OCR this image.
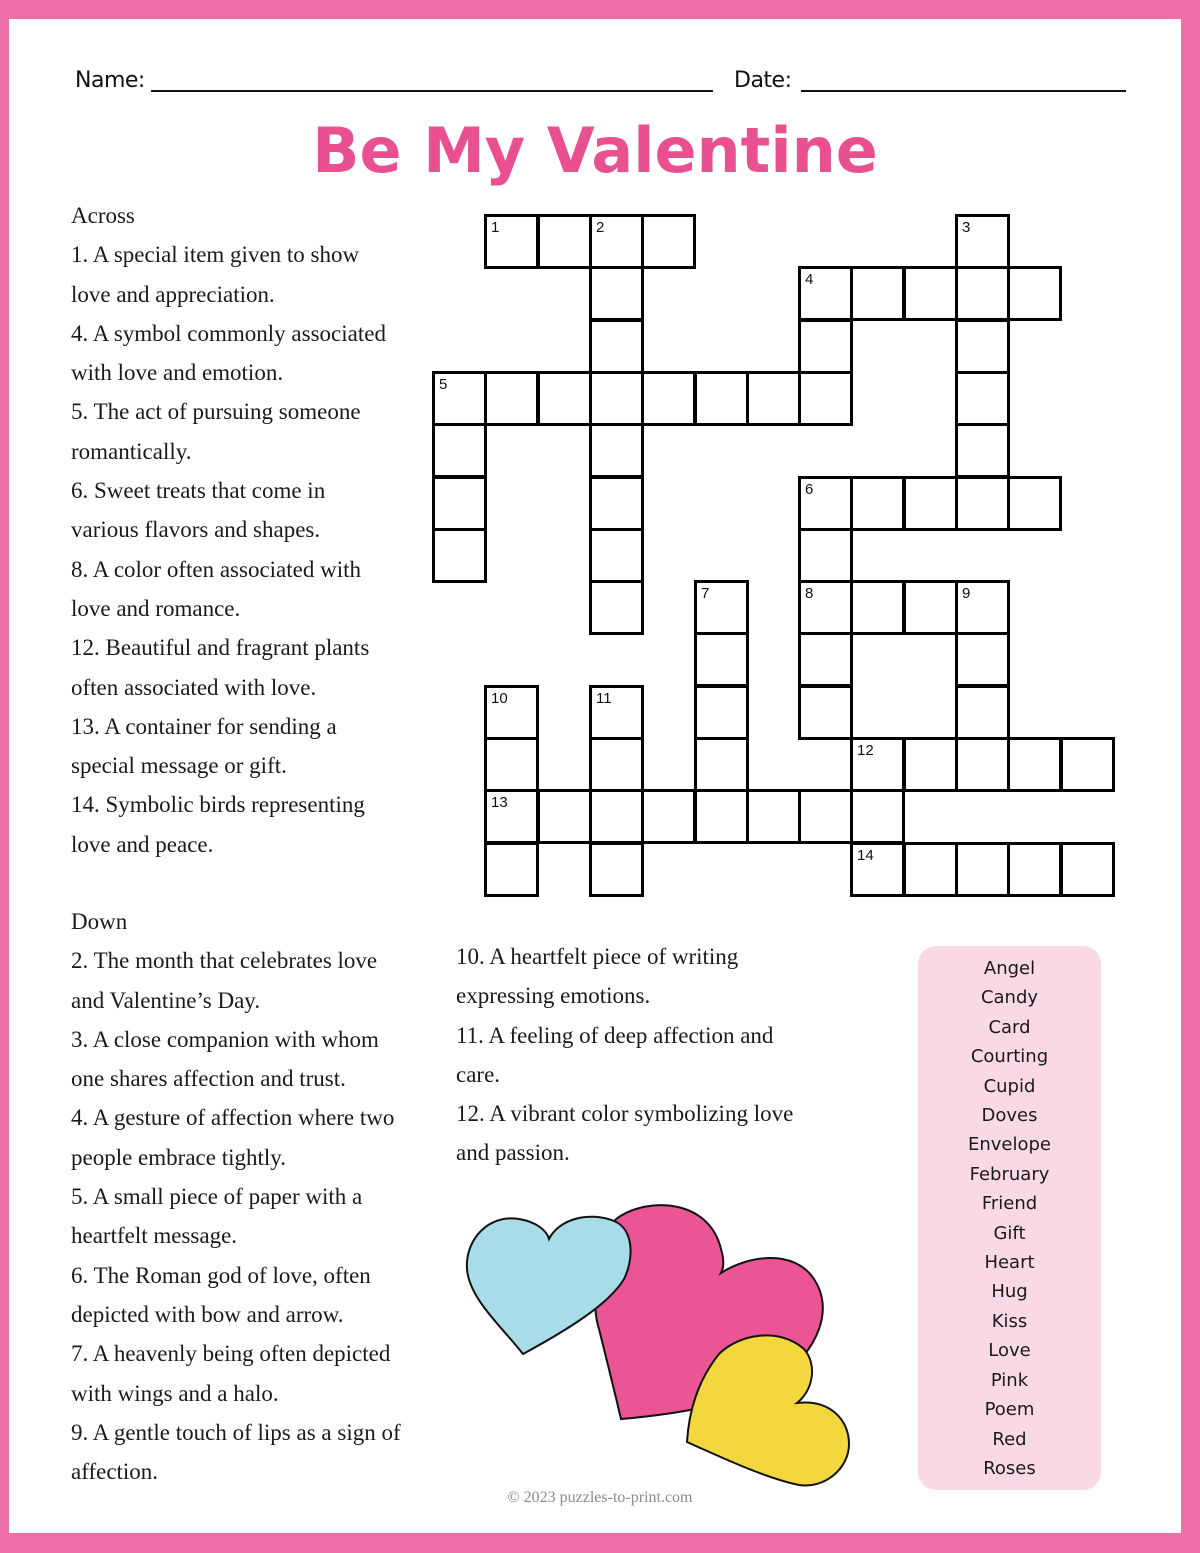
Name:	Date:
Be My Valentine
Across
1. A special item given to show
love and appreciation.
4. A symbol commonly associated
with love and emotion.
5. The act of pursuing someone
romantically.
6. Sweet treats that come in
various flavors and shapes.
8. A color often associated with
love and romance.
12. Beautiful and fragrant plants
often associated with love.
13. A container for sending a
special message or gift.
14. Symbolic birds representing
love and peace.
1	2	3
4
5
6
7	8	9
10	11
12
13
14
Down
2. The month that celebrates love
and Valentine’s Day.
3. A close companion with whom
one shares affection and trust.
4. A gesture of affection where two
people embrace tightly.
5. A small piece of paper with a
heartfelt message.
6. The Roman god of love, often
depicted with bow and arrow.
7. A heavenly being often depicted
with wings and a halo.
9. A gentle touch of lips as a sign of
affection.
10. A heartfelt piece of writing
expressing emotions.
11. A feeling of deep affection and
care.
12. A vibrant color symbolizing love
and passion.
Angel
Candy
Card
Courting
Cupid
Doves
Envelope
February
Friend
Gift
Heart
Hug
Kiss
Love
Pink
Poem
Red
Roses
© 2023 puzzles-to-print.com
